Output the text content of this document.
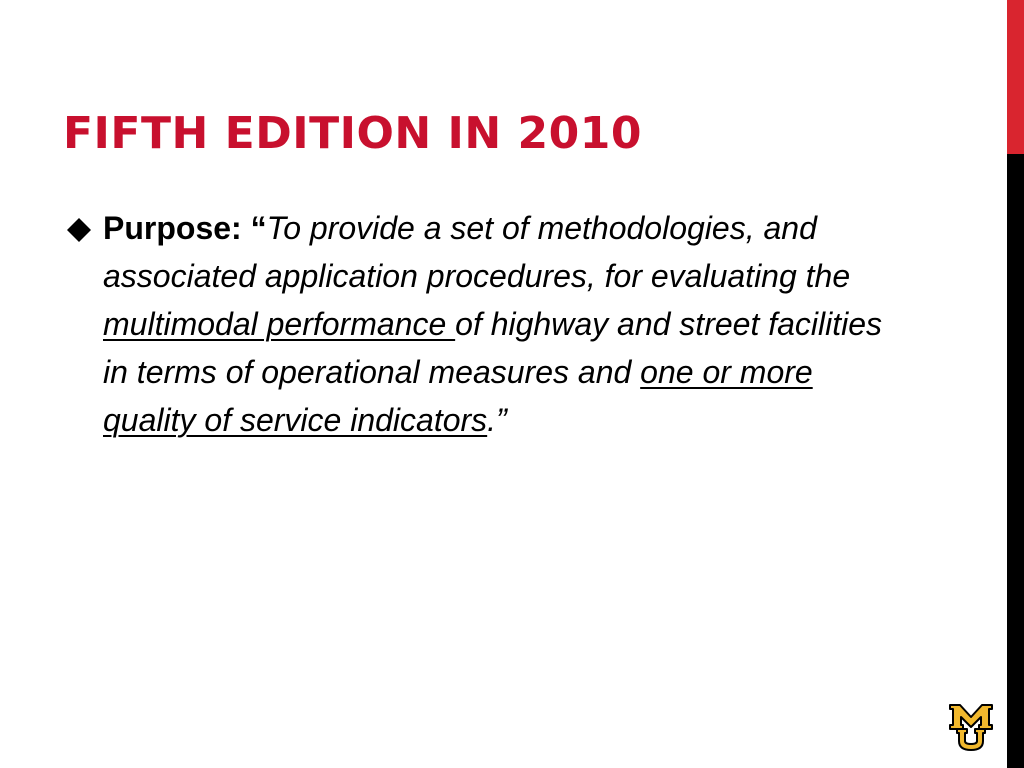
FIFTH EDITION IN 2010
Purpose: “To provide a set of methodologies, and associated application procedures, for evaluating the multimodal performance of highway and street facilities in terms of operational measures and one or more quality of service indicators.”
